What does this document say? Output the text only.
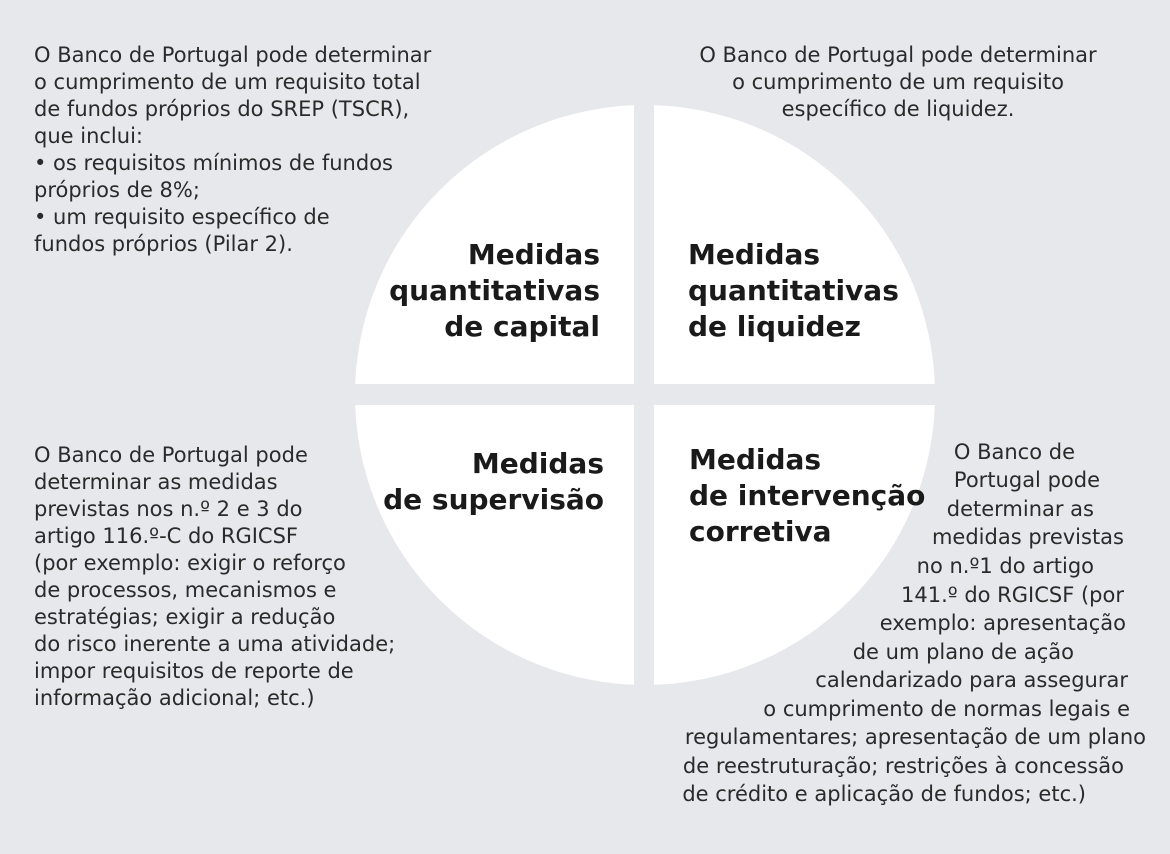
O Banco de Portugal pode determinar
o cumprimento de um requisito total
de fundos próprios do SREP (TSCR),
que inclui:
• os requisitos mínimos de fundos
próprios de 8%;
• um requisito específico de
fundos próprios (Pilar 2).

O Banco de Portugal pode determinar
o cumprimento de um requisito
específico de liquidez.

O Banco de Portugal pode
determinar as medidas
previstas nos n.º 2 e 3 do
artigo 116.º-C do RGICSF
(por exemplo: exigir o reforço
de processos, mecanismos e
estratégias; exigir a redução
do risco inerente a uma atividade;
impor requisitos de reporte de
informação adicional; etc.)

O Banco de
Portugal pode
determinar as
medidas previstas
no n.º1 do artigo
141.º do RGICSF (por
exemplo: apresentação
de um plano de ação
calendarizado para assegurar
o cumprimento de normas legais e
regulamentares; apresentação de um plano
de reestruturação; restrições à concessão
de crédito e aplicação de fundos; etc.)

Medidas
quantitativas
de capital

Medidas
quantitativas
de liquidez

Medidas
de supervisão

Medidas
de intervenção
corretiva
